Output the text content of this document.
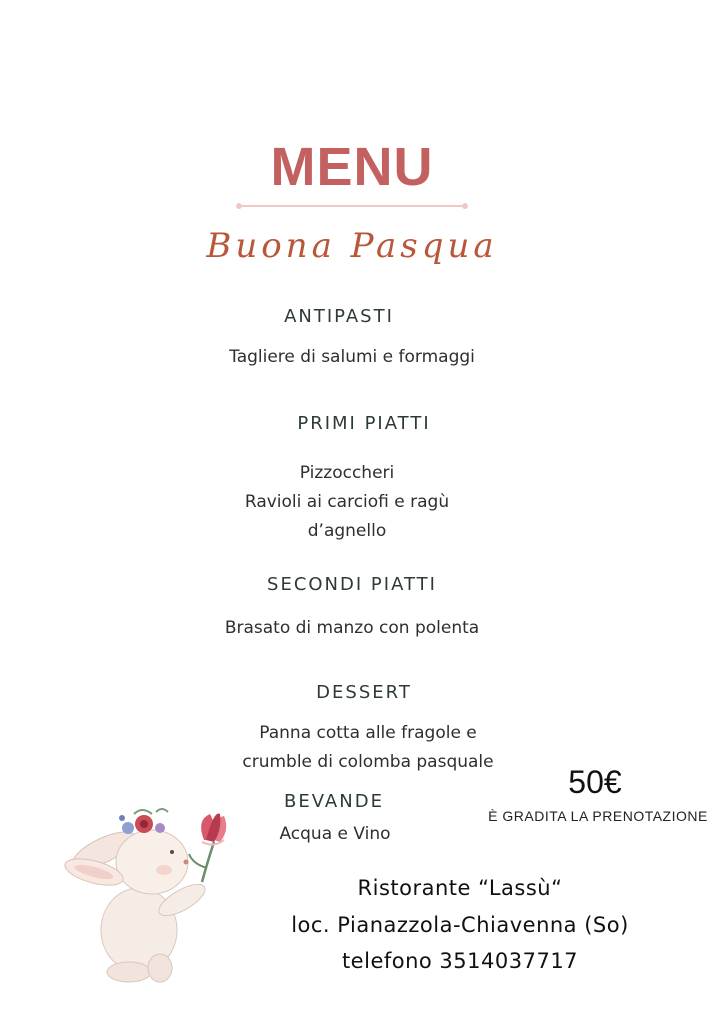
MENU
Buona Pasqua
ANTIPASTI
Tagliere di salumi e formaggi
PRIMI PIATTI
Pizzoccheri
Ravioli ai carciofi e ragù
d’agnello
SECONDI PIATTI
Brasato di manzo con polenta
DESSERT
Panna cotta alle fragole e
crumble di colomba pasquale
BEVANDE
Acqua e Vino
50€
È GRADITA LA PRENOTAZIONE
Ristorante “Lassù“
loc. Pianazzola-Chiavenna (So)
telefono 3514037717
